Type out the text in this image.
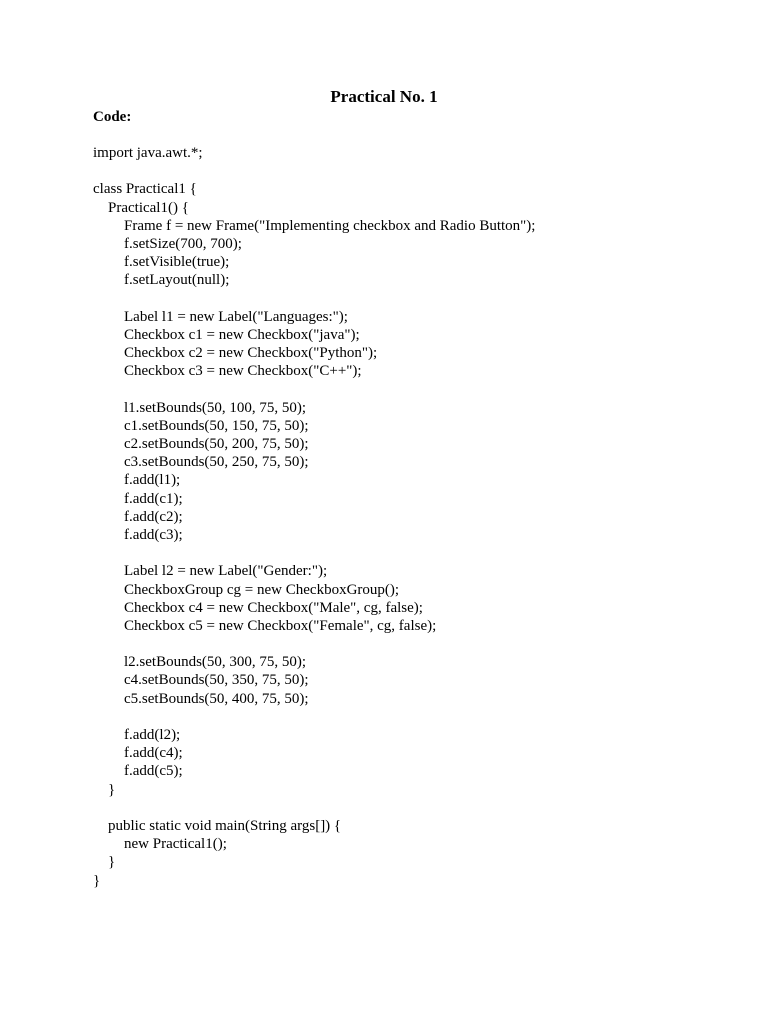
Practical No. 1
Code:
import java.awt.*;
class Practical1 {
Practical1() {
Frame f = new Frame("Implementing checkbox and Radio Button");
f.setSize(700, 700);
f.setVisible(true);
f.setLayout(null);
Label l1 = new Label("Languages:");
Checkbox c1 = new Checkbox("java");
Checkbox c2 = new Checkbox("Python");
Checkbox c3 = new Checkbox("C++");
l1.setBounds(50, 100, 75, 50);
c1.setBounds(50, 150, 75, 50);
c2.setBounds(50, 200, 75, 50);
c3.setBounds(50, 250, 75, 50);
f.add(l1);
f.add(c1);
f.add(c2);
f.add(c3);
Label l2 = new Label("Gender:");
CheckboxGroup cg = new CheckboxGroup();
Checkbox c4 = new Checkbox("Male", cg, false);
Checkbox c5 = new Checkbox("Female", cg, false);
l2.setBounds(50, 300, 75, 50);
c4.setBounds(50, 350, 75, 50);
c5.setBounds(50, 400, 75, 50);
f.add(l2);
f.add(c4);
f.add(c5);
}
public static void main(String args[]) {
new Practical1();
}
}
